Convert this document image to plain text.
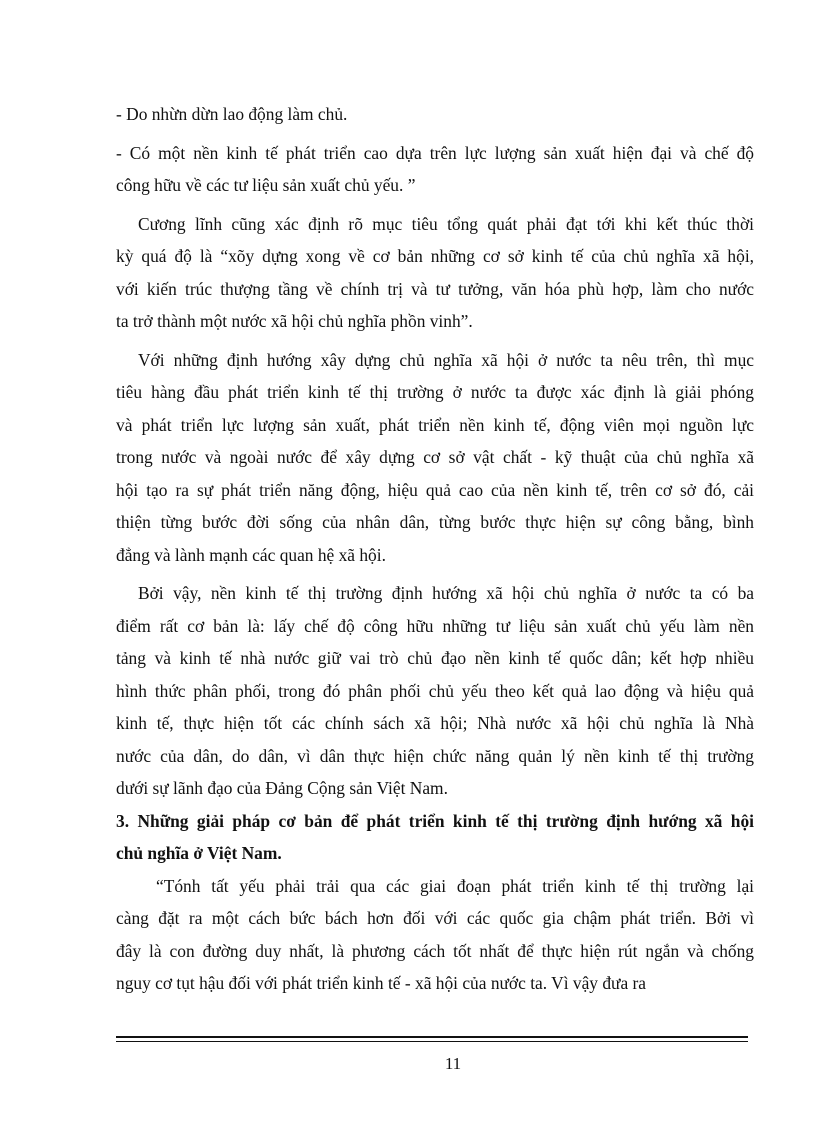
- Do nhừn dừn lao động làm chủ.
- Có một nền kinh tế phát triển cao dựa trên lực lượng sản xuất hiện đại và chế độ
công hữu về các tư liệu sản xuất chủ yếu. ”
Cương lĩnh cũng xác định rõ mục tiêu tổng quát phải đạt tới khi kết thúc thời
kỳ quá độ là “xõy dựng xong về cơ bản những cơ sở kinh tế của chủ nghĩa xã hội,
với kiến trúc thượng tầng về chính trị và tư tưởng, văn hóa phù hợp, làm cho nước
ta trở thành một nước xã hội chủ nghĩa phồn vinh”.
Với những định hướng xây dựng chủ nghĩa xã hội ở nước ta nêu trên, thì mục
tiêu hàng đầu phát triển kinh tế thị trường ở nước ta được xác định là giải phóng
và phát triển lực lượng sản xuất, phát triển nền kinh tế, động viên mọi nguồn lực
trong nước và ngoài nước để xây dựng cơ sở vật chất - kỹ thuật của chủ nghĩa xã
hội tạo ra sự phát triển năng động, hiệu quả cao của nền kinh tế, trên cơ sở đó, cải
thiện từng bước đời sống của nhân dân, từng bước thực hiện sự công bằng, bình
đẳng và lành mạnh các quan hệ xã hội.
Bởi vậy, nền kinh tế thị trường định hướng xã hội chủ nghĩa ở nước ta có ba
điểm rất cơ bản là: lấy chế độ công hữu những tư liệu sản xuất chủ yếu làm nền
tảng và kinh tế nhà nước giữ vai trò chủ đạo nền kinh tế quốc dân; kết hợp nhiều
hình thức phân phối, trong đó phân phối chủ yếu theo kết quả lao động và hiệu quả
kinh tế, thực hiện tốt các chính sách xã hội; Nhà nước xã hội chủ nghĩa là Nhà
nước của dân, do dân, vì dân thực hiện chức năng quản lý nền kinh tế thị trường
dưới sự lãnh đạo của Đảng Cộng sản Việt Nam.
3. Những giải pháp cơ bản để phát triển kinh tế thị trường định hướng xã hội
chủ nghĩa ở Việt Nam.
“Tónh tất yếu phải trải qua các giai đoạn phát triển kinh tế thị trường lại
càng đặt ra một cách bức bách hơn đối với các quốc gia chậm phát triển. Bởi vì
đây là con đường duy nhất, là phương cách tốt nhất để thực hiện rút ngắn và chống
nguy cơ tụt hậu đối với phát triển kinh tế - xã hội của nước ta. Vì vậy đưa ra
11
